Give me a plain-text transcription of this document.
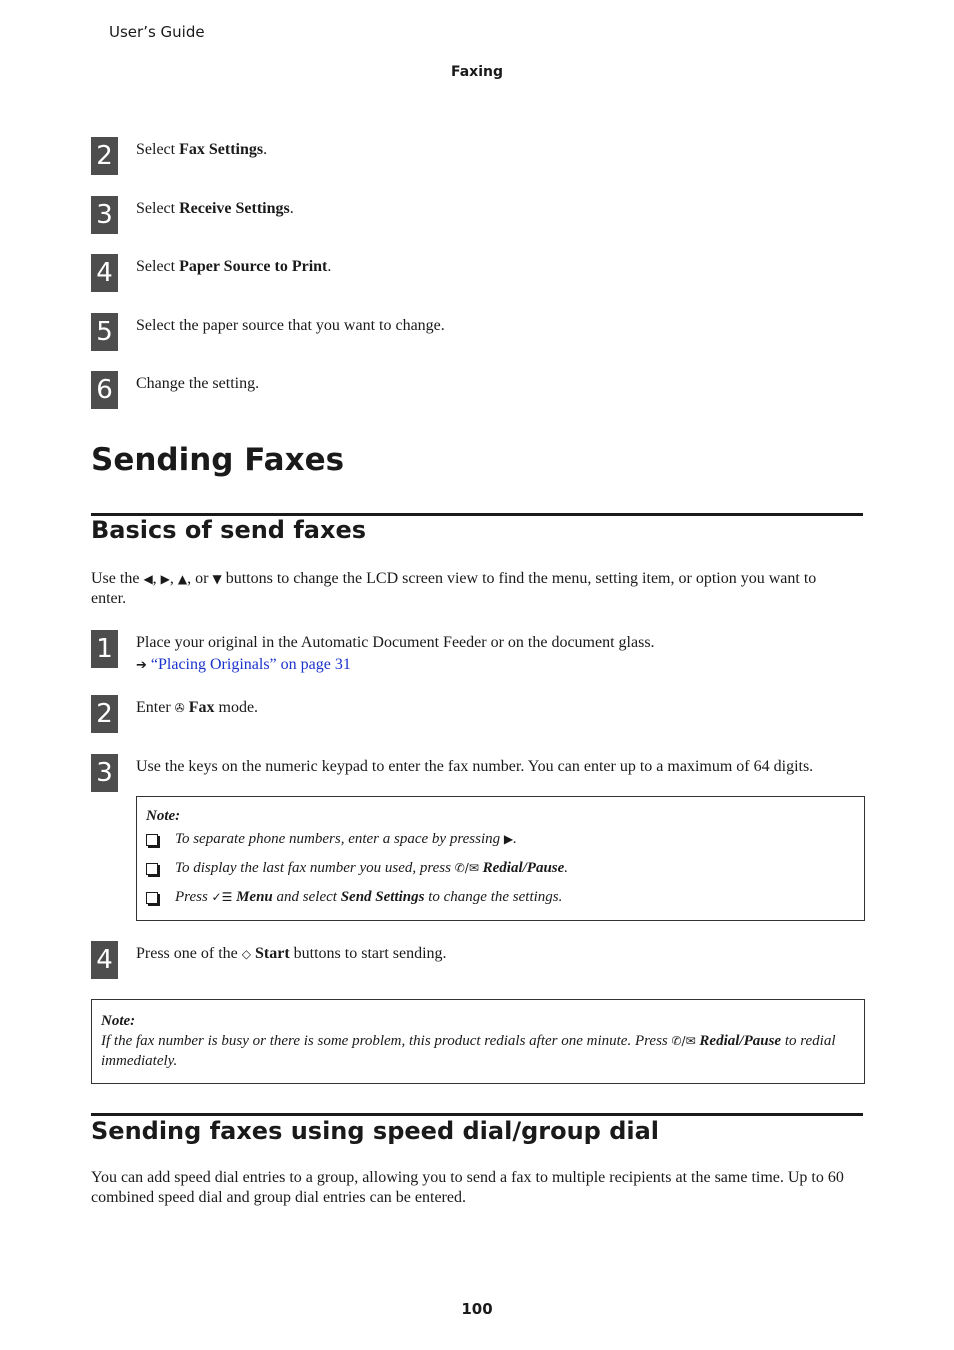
User’s Guide
Faxing
2	Select Fax Settings.
3	Select Receive Settings.
4	Select Paper Source to Print.
5	Select the paper source that you want to change.
6	Change the setting.
Sending Faxes
Basics of send faxes
Use the ◀, ▶, ▲, or ▼ buttons to change the LCD screen view to find the menu, setting item, or option you want to
enter.
1	Place your original in the Automatic Document Feeder or on the document glass.
➔ “Placing Originals” on page 31
2	Enter ✇ Fax mode.
3	Use the keys on the numeric keypad to enter the fax number. You can enter up to a maximum of 64 digits.
Note:
To separate phone numbers, enter a space by pressing ▶.
To display the last fax number you used, press ✆/✉ Redial/Pause.
Press ✓☰ Menu and select Send Settings to change the settings.
4	Press one of the ◇ Start buttons to start sending.
Note:
If the fax number is busy or there is some problem, this product redials after one minute. Press ✆/✉ Redial/Pause to redial
immediately.
Sending faxes using speed dial/group dial
You can add speed dial entries to a group, allowing you to send a fax to multiple recipients at the same time. Up to 60
combined speed dial and group dial entries can be entered.
100
